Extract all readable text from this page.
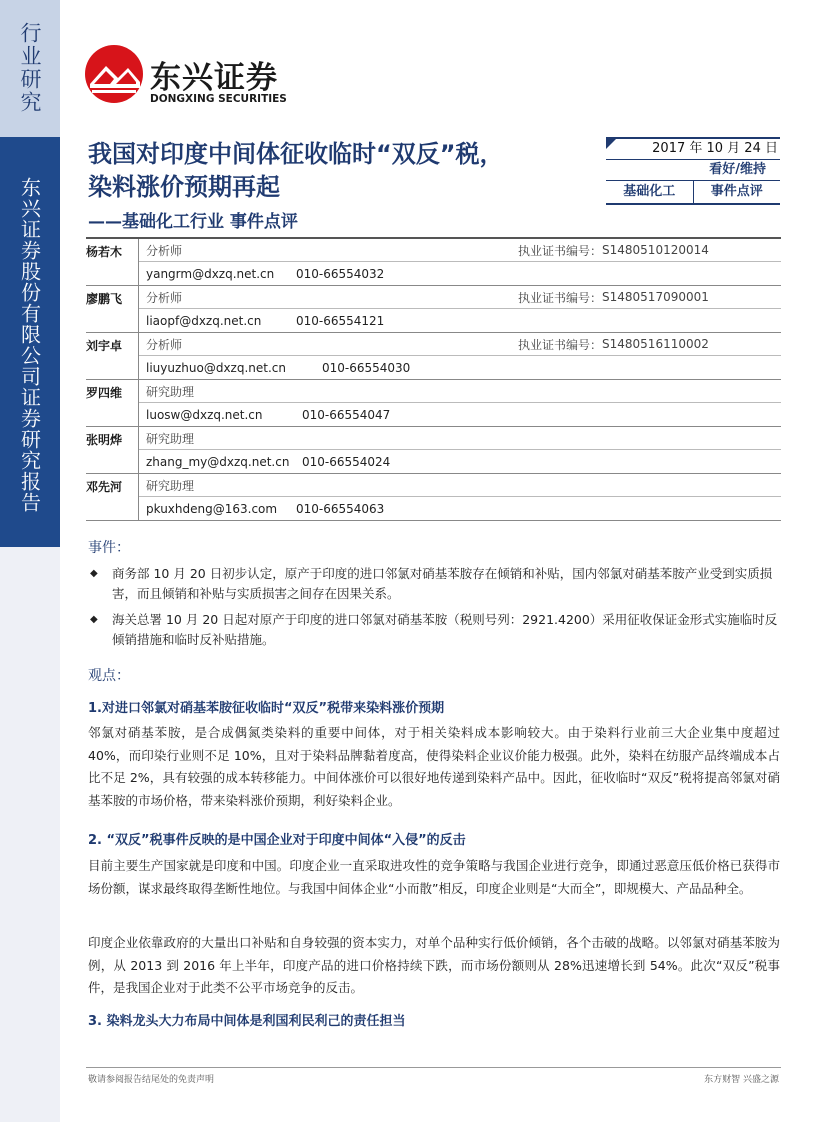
行业研究
东兴证券股份有限公司证券研究报告
东兴证券
DONGXING SECURITIES
我国对印度中间体征收临时“双反”税，染料涨价预期再起
——基础化工行业 事件点评
2017 年 10 月 24 日
看好/维持
基础化工	事件点评
杨若木	分析师	执业证书编号： S1480510120014
yangrm@dxzq.net.cn	010-66554032
廖鹏飞	分析师	执业证书编号： S1480517090001
liaopf@dxzq.net.cn	010-66554121
刘宇卓	分析师	执业证书编号： S1480516110002
liuyuzhuo@dxzq.net.cn	010-66554030
罗四维	研究助理
luosw@dxzq.net.cn	010-66554047
张明烨	研究助理
zhang_my@dxzq.net.cn	010-66554024
邓先河	研究助理
pkuxhdeng@163.com	010-66554063
事件：
◆ 商务部 10 月 20 日初步认定，原产于印度的进口邻氯对硝基苯胺存在倾销和补贴，国内邻氯对硝基苯胺产业受到实质损害，而且倾销和补贴与实质损害之间存在因果关系。
◆ 海关总署 10 月 20 日起对原产于印度的进口邻氯对硝基苯胺（税则号列：2921.4200）采用征收保证金形式实施临时反倾销措施和临时反补贴措施。
观点：
1.对进口邻氯对硝基苯胺征收临时“双反”税带来染料涨价预期
邻氯对硝基苯胺，是合成偶氮类染料的重要中间体，对于相关染料成本影响较大。由于染料行业前三大企业集中度超过 40%，而印染行业则不足 10%，且对于染料品牌黏着度高，使得染料企业议价能力极强。此外，染料在纺服产品终端成本占比不足 2%，具有较强的成本转移能力。中间体涨价可以很好地传递到染料产品中。因此，征收临时“双反”税将提高邻氯对硝基苯胺的市场价格，带来染料涨价预期，利好染料企业。
2. “双反”税事件反映的是中国企业对于印度中间体“入侵”的反击
目前主要生产国家就是印度和中国。印度企业一直采取进攻性的竞争策略与我国企业进行竞争，即通过恶意压低价格已获得市场份额，谋求最终取得垄断性地位。与我国中间体企业“小而散”相反，印度企业则是“大而全”，即规模大、产品品种全。
印度企业依靠政府的大量出口补贴和自身较强的资本实力，对单个品种实行低价倾销，各个击破的战略。以邻氯对硝基苯胺为例，从 2013 到 2016 年上半年，印度产品的进口价格持续下跌，而市场份额则从 28%迅速增长到 54%。此次“双反”税事件，是我国企业对于此类不公平市场竞争的反击。
3. 染料龙头大力布局中间体是利国利民利己的责任担当
敬请参阅报告结尾处的免责声明	东方财智 兴盛之源
